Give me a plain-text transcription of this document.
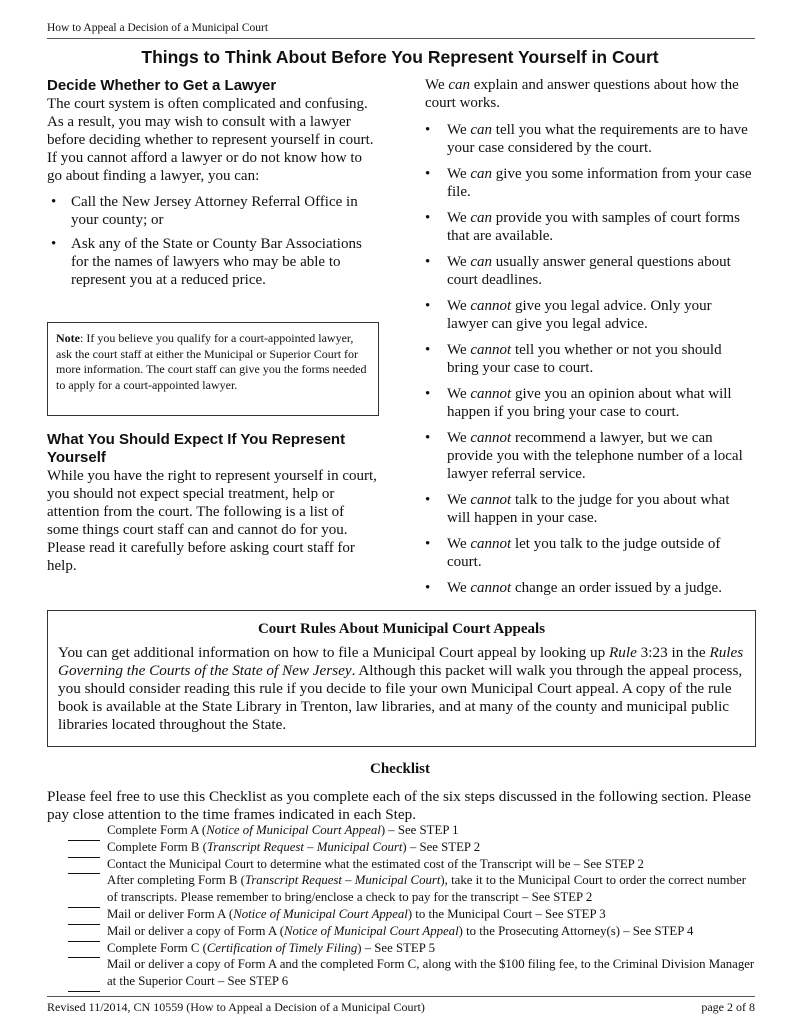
How to Appeal a Decision of a Municipal Court
Things to Think About Before You Represent Yourself in Court
Decide Whether to Get a Lawyer
The court system is often complicated and confusing. As a result, you may wish to consult with a lawyer before deciding whether to represent yourself in court. If you cannot afford a lawyer or do not know how to go about finding a lawyer, you can:
• Call the New Jersey Attorney Referral Office in your county; or
• Ask any of the State or County Bar Associations for the names of lawyers who may be able to represent you at a reduced price.
Note: If you believe you qualify for a court-appointed lawyer, ask the court staff at either the Municipal or Superior Court for more information. The court staff can give you the forms needed to apply for a court-appointed lawyer.
What You Should Expect If You Represent Yourself
While you have the right to represent yourself in court, you should not expect special treatment, help or attention from the court. The following is a list of some things court staff can and cannot do for you. Please read it carefully before asking court staff for help.
We can explain and answer questions about how the court works.
• We can tell you what the requirements are to have your case considered by the court.
• We can give you some information from your case file.
• We can provide you with samples of court forms that are available.
• We can usually answer general questions about court deadlines.
• We cannot give you legal advice. Only your lawyer can give you legal advice.
• We cannot tell you whether or not you should bring your case to court.
• We cannot give you an opinion about what will happen if you bring your case to court.
• We cannot recommend a lawyer, but we can provide you with the telephone number of a local lawyer referral service.
• We cannot talk to the judge for you about what will happen in your case.
• We cannot let you talk to the judge outside of court.
• We cannot change an order issued by a judge.
Court Rules About Municipal Court Appeals
You can get additional information on how to file a Municipal Court appeal by looking up Rule 3:23 in the Rules Governing the Courts of the State of New Jersey. Although this packet will walk you through the appeal process, you should consider reading this rule if you decide to file your own Municipal Court appeal. A copy of the rule book is available at the State Library in Trenton, law libraries, and at many of the county and municipal public libraries located throughout the State.
Checklist
Please feel free to use this Checklist as you complete each of the six steps discussed in the following section. Please pay close attention to the time frames indicated in each Step.
Complete Form A (Notice of Municipal Court Appeal) – See STEP 1
Complete Form B (Transcript Request – Municipal Court) – See STEP 2
Contact the Municipal Court to determine what the estimated cost of the Transcript will be – See STEP 2
After completing Form B (Transcript Request – Municipal Court), take it to the Municipal Court to order the correct number of transcripts. Please remember to bring/enclose a check to pay for the transcript – See STEP 2
Mail or deliver Form A (Notice of Municipal Court Appeal) to the Municipal Court – See STEP 3
Mail or deliver a copy of Form A (Notice of Municipal Court Appeal) to the Prosecuting Attorney(s) – See STEP 4
Complete Form C (Certification of Timely Filing) – See STEP 5
Mail or deliver a copy of Form A and the completed Form C, along with the $100 filing fee, to the Criminal Division Manager at the Superior Court – See STEP 6
Revised 11/2014, CN 10559 (How to Appeal a Decision of a Municipal Court)	page 2 of 8
